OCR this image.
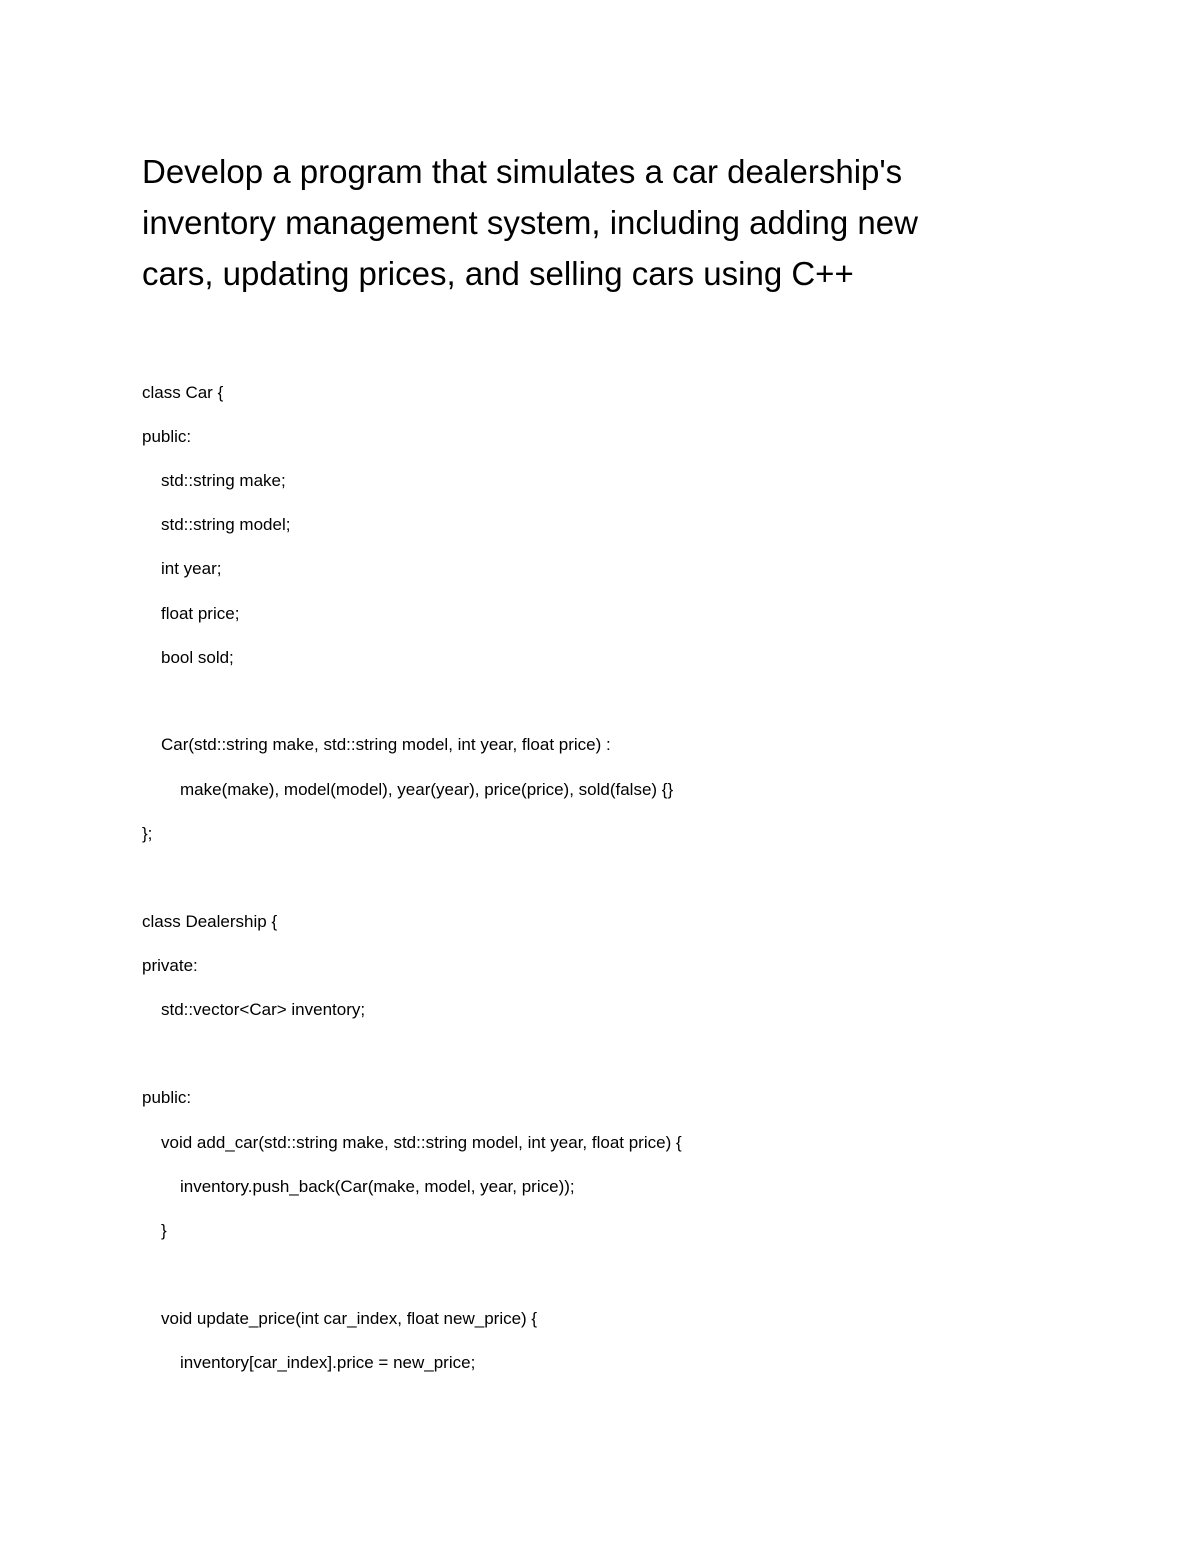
Develop a program that simulates a car dealership's
inventory management system, including adding new
cars, updating prices, and selling cars using C++

class Car {

public:

std::string make;

std::string model;

int year;

float price;

bool sold;

Car(std::string make, std::string model, int year, float price) :

make(make), model(model), year(year), price(price), sold(false) {}

};

class Dealership {

private:

std::vector<Car> inventory;

public:

void add_car(std::string make, std::string model, int year, float price) {

inventory.push_back(Car(make, model, year, price));

}

void update_price(int car_index, float new_price) {

inventory[car_index].price = new_price;
